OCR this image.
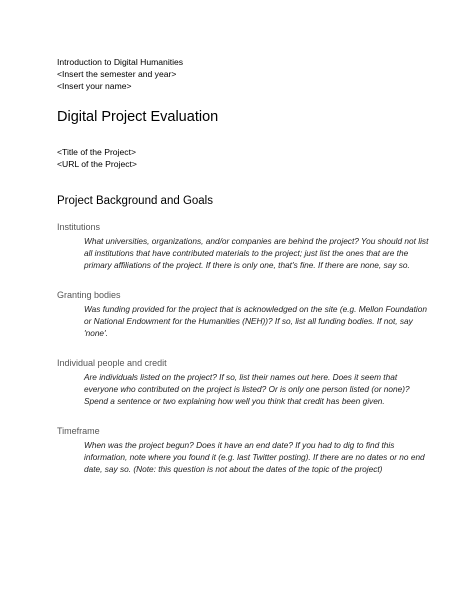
Introduction to Digital Humanities
<Insert the semester and year>
<Insert your name>
Digital Project Evaluation
<Title of the Project>
<URL of the Project>
Project Background and Goals
Institutions
What universities, organizations, and/or companies are behind the project? You should not list all institutions that have contributed materials to the project; just list the ones that are the primary affiliations of the project. If there is only one, that's fine. If there are none, say so.
Granting bodies
Was funding provided for the project that is acknowledged on the site (e.g. Mellon Foundation or National Endowment for the Humanities (NEH))? If so, list all funding bodies. If not, say 'none'.
Individual people and credit
Are individuals listed on the project? If so, list their names out here. Does it seem that everyone who contributed on the project is listed? Or is only one person listed (or none)? Spend a sentence or two explaining how well you think that credit has been given.
Timeframe
When was the project begun? Does it have an end date? If you had to dig to find this information, note where you found it (e.g. last Twitter posting). If there are no dates or no end date, say so. (Note: this question is not about the dates of the topic of the project)
